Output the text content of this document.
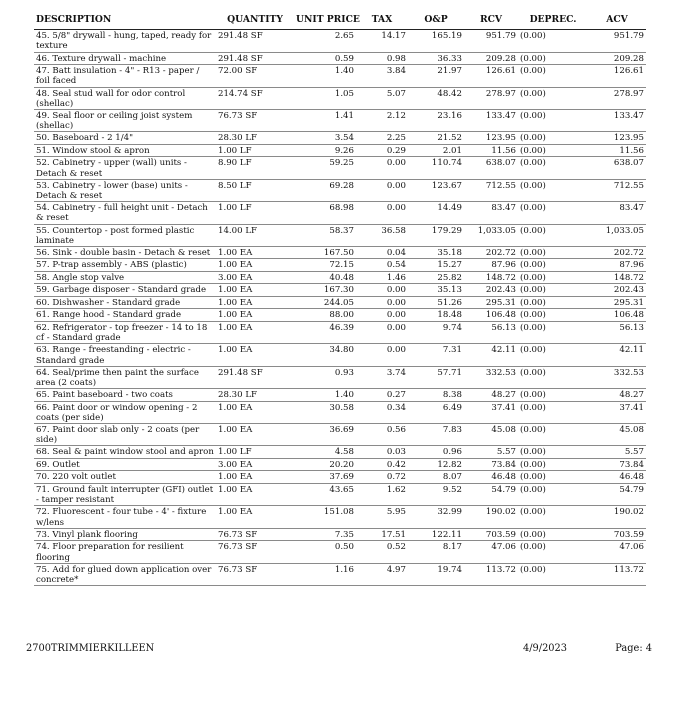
DESCRIPTION	QUANTITY	UNIT PRICE	TAX	O&P	RCV	DEPREC.	ACV
45. 5/8" drywall - hung, taped, ready for texture	291.48 SF	2.65	14.17	165.19	951.79	(0.00)	951.79
46. Texture drywall - machine	291.48 SF	0.59	0.98	36.33	209.28	(0.00)	209.28
47. Batt insulation - 4" - R13 - paper / foil faced	72.00 SF	1.40	3.84	21.97	126.61	(0.00)	126.61
48. Seal stud wall for odor control (shellac)	214.74 SF	1.05	5.07	48.42	278.97	(0.00)	278.97
49. Seal floor or ceiling joist system (shellac)	76.73 SF	1.41	2.12	23.16	133.47	(0.00)	133.47
50. Baseboard - 2 1/4"	28.30 LF	3.54	2.25	21.52	123.95	(0.00)	123.95
51. Window stool & apron	1.00 LF	9.26	0.29	2.01	11.56	(0.00)	11.56
52. Cabinetry - upper (wall) units - Detach & reset	8.90 LF	59.25	0.00	110.74	638.07	(0.00)	638.07
53. Cabinetry - lower (base) units - Detach & reset	8.50 LF	69.28	0.00	123.67	712.55	(0.00)	712.55
54. Cabinetry - full height unit - Detach & reset	1.00 LF	68.98	0.00	14.49	83.47	(0.00)	83.47
55. Countertop - post formed plastic laminate	14.00 LF	58.37	36.58	179.29	1,033.05	(0.00)	1,033.05
56. Sink - double basin - Detach & reset	1.00 EA	167.50	0.04	35.18	202.72	(0.00)	202.72
57. P-trap assembly - ABS (plastic)	1.00 EA	72.15	0.54	15.27	87.96	(0.00)	87.96
58. Angle stop valve	3.00 EA	40.48	1.46	25.82	148.72	(0.00)	148.72
59. Garbage disposer - Standard grade	1.00 EA	167.30	0.00	35.13	202.43	(0.00)	202.43
60. Dishwasher - Standard grade	1.00 EA	244.05	0.00	51.26	295.31	(0.00)	295.31
61. Range hood - Standard grade	1.00 EA	88.00	0.00	18.48	106.48	(0.00)	106.48
62. Refrigerator - top freezer - 14 to 18 cf - Standard grade	1.00 EA	46.39	0.00	9.74	56.13	(0.00)	56.13
63. Range - freestanding - electric - Standard grade	1.00 EA	34.80	0.00	7.31	42.11	(0.00)	42.11
64. Seal/prime then paint the surface area (2 coats)	291.48 SF	0.93	3.74	57.71	332.53	(0.00)	332.53
65. Paint baseboard - two coats	28.30 LF	1.40	0.27	8.38	48.27	(0.00)	48.27
66. Paint door or window opening - 2 coats (per side)	1.00 EA	30.58	0.34	6.49	37.41	(0.00)	37.41
67. Paint door slab only - 2 coats (per side)	1.00 EA	36.69	0.56	7.83	45.08	(0.00)	45.08
68. Seal & paint window stool and apron	1.00 LF	4.58	0.03	0.96	5.57	(0.00)	5.57
69. Outlet	3.00 EA	20.20	0.42	12.82	73.84	(0.00)	73.84
70. 220 volt outlet	1.00 EA	37.69	0.72	8.07	46.48	(0.00)	46.48
71. Ground fault interrupter (GFI) outlet - tamper resistant	1.00 EA	43.65	1.62	9.52	54.79	(0.00)	54.79
72. Fluorescent - four tube - 4' - fixture w/lens	1.00 EA	151.08	5.95	32.99	190.02	(0.00)	190.02
73. Vinyl plank flooring	76.73 SF	7.35	17.51	122.11	703.59	(0.00)	703.59
74. Floor preparation for resilient flooring	76.73 SF	0.50	0.52	8.17	47.06	(0.00)	47.06
75. Add for glued down application over concrete*	76.73 SF	1.16	4.97	19.74	113.72	(0.00)	113.72
2700TRIMMIERKILLEEN	4/9/2023	Page: 4
